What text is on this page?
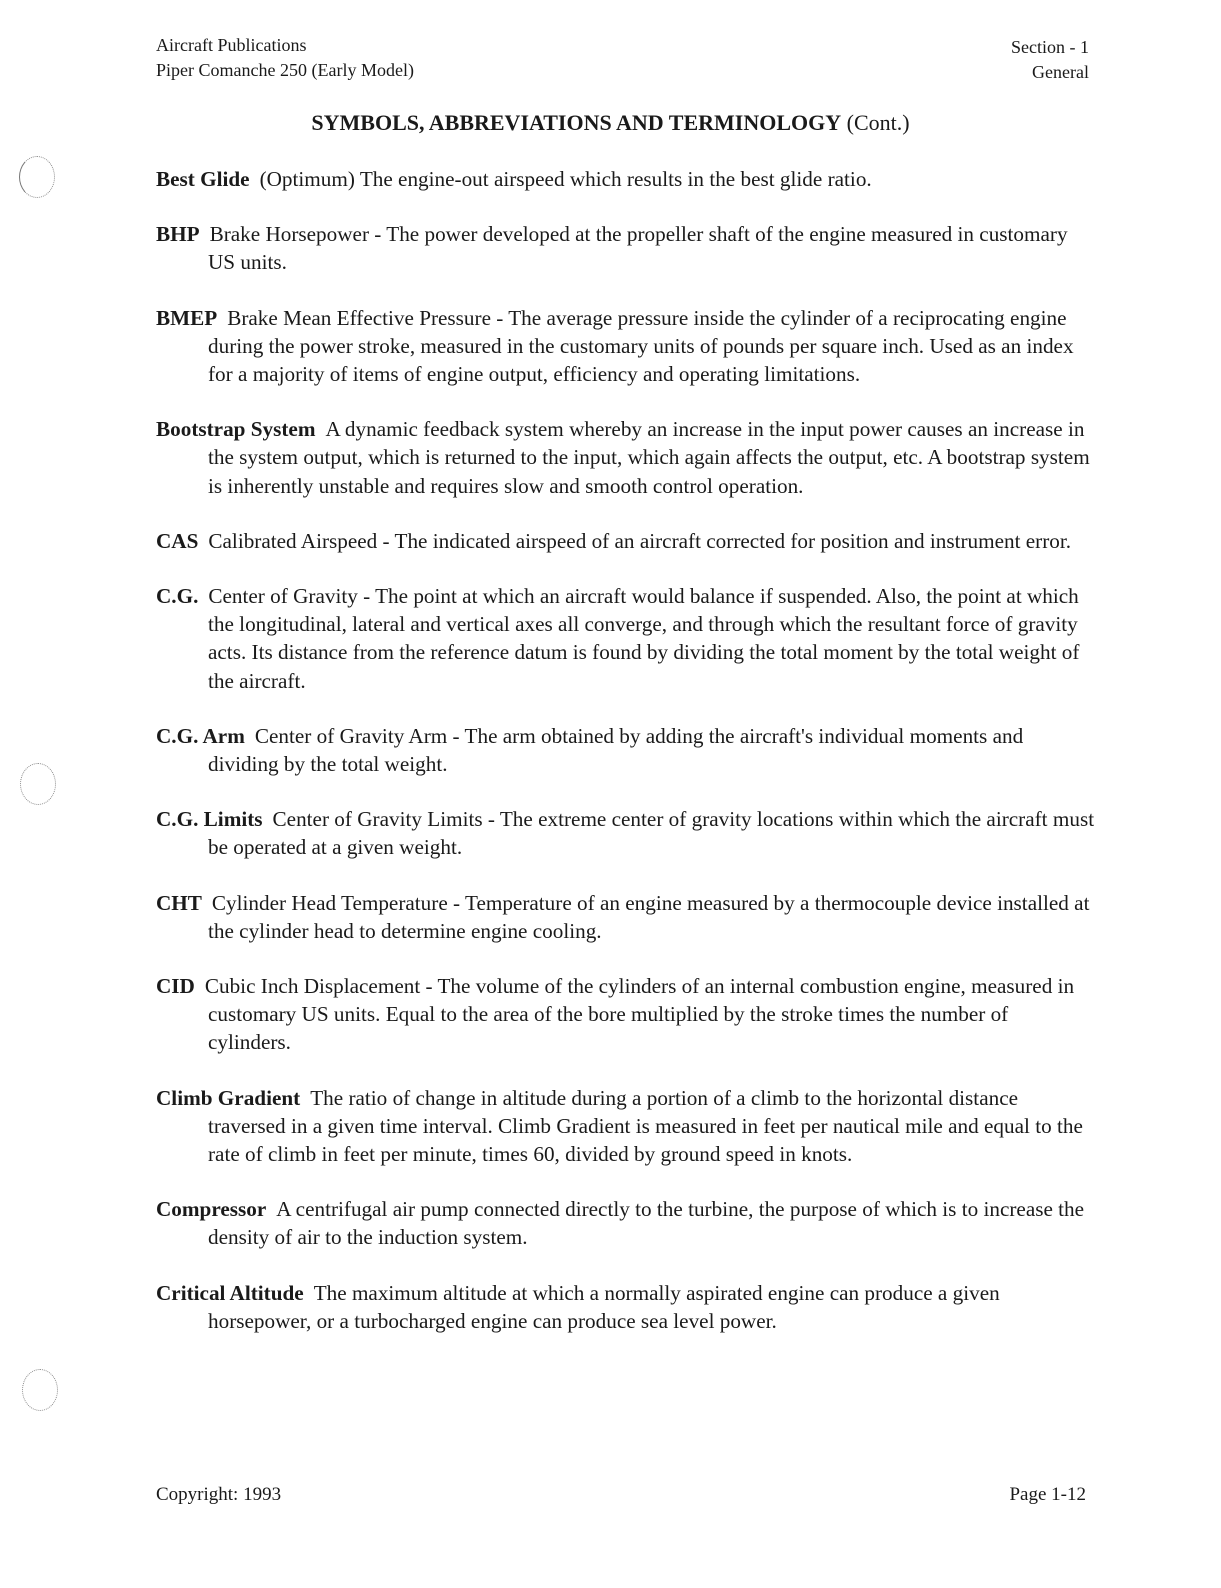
Aircraft Publications
Piper Comanche 250 (Early Model)
Section - 1
General
SYMBOLS, ABBREVIATIONS AND TERMINOLOGY (Cont.)

Best Glide (Optimum) The engine-out airspeed which results in the best glide ratio.

BHP Brake Horsepower - The power developed at the propeller shaft of the engine measured in customary US units.

BMEP Brake Mean Effective Pressure - The average pressure inside the cylinder of a reciprocating engine during the power stroke, measured in the customary units of pounds per square inch. Used as an index for a majority of items of engine output, efficiency and operating limitations.

Bootstrap System A dynamic feedback system whereby an increase in the input power causes an increase in the system output, which is returned to the input, which again affects the output, etc. A bootstrap system is inherently unstable and requires slow and smooth control operation.

CAS Calibrated Airspeed - The indicated airspeed of an aircraft corrected for position and instrument error.

C.G. Center of Gravity - The point at which an aircraft would balance if suspended. Also, the point at which the longitudinal, lateral and vertical axes all converge, and through which the resultant force of gravity acts. Its distance from the reference datum is found by dividing the total moment by the total weight of the aircraft.

C.G. Arm Center of Gravity Arm - The arm obtained by adding the aircraft's individual moments and dividing by the total weight.

C.G. Limits Center of Gravity Limits - The extreme center of gravity locations within which the aircraft must be operated at a given weight.

CHT Cylinder Head Temperature - Temperature of an engine measured by a thermocouple device installed at the cylinder head to determine engine cooling.

CID Cubic Inch Displacement - The volume of the cylinders of an internal combustion engine, measured in customary US units. Equal to the area of the bore multiplied by the stroke times the number of cylinders.

Climb Gradient The ratio of change in altitude during a portion of a climb to the horizontal distance traversed in a given time interval. Climb Gradient is measured in feet per nautical mile and equal to the rate of climb in feet per minute, times 60, divided by ground speed in knots.

Compressor A centrifugal air pump connected directly to the turbine, the purpose of which is to increase the density of air to the induction system.

Critical Altitude The maximum altitude at which a normally aspirated engine can produce a given horsepower, or a turbocharged engine can produce sea level power.

Copyright: 1993	Page 1-12
